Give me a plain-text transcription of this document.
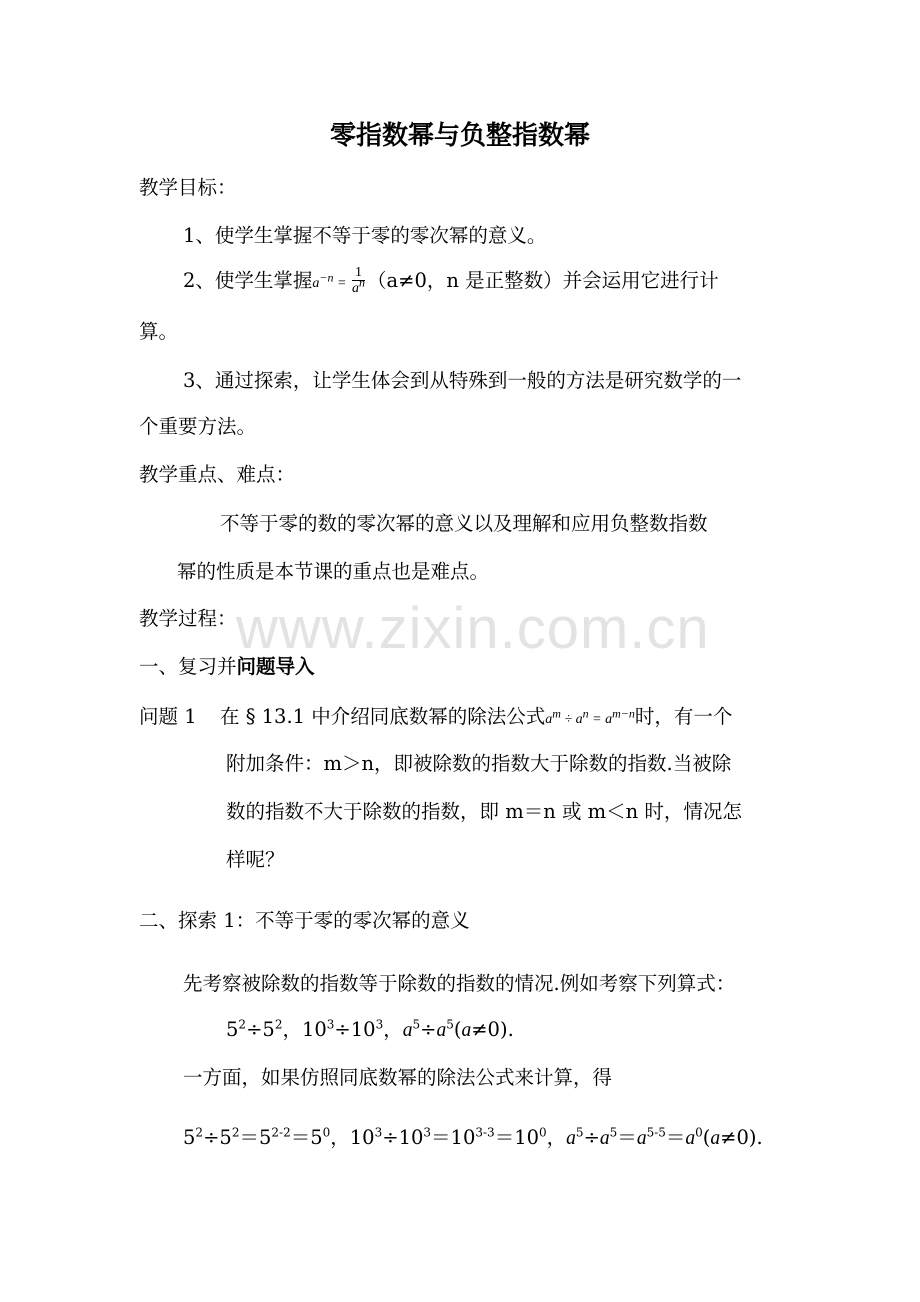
零指数幂与负整指数幂
教学目标：
1、使学生掌握不等于零的零次幂的意义。
2、使学生掌握$a^{-n} = \frac{1}{a^n} (a\ne 0$，n 是正整数）并会运用它进行计
算。
3、通过探索，让学生体会到从特殊到一般的方法是研究数学的一
个重要方法。
教学重点、难点：
不等于零的数的零次幂的意义以及理解和应用负整数指数
幂的性质是本节课的重点也是难点。
教学过程： www.zixin.com.cn
一、复习并问题导入
问题 1 在 § 13.1 中介绍同底数幂的除法公式$a^m \div a^n = a^{m-n}$时，有一个
附加条件：m＞n，即被除数的指数大于除数的指数.当被除
数的指数不大于除数的指数，即 m＝n 或 m＜n 时，情况怎
样呢？
二、探索 1：不等于零的零次幂的意义
先考察被除数的指数等于除数的指数的情况.例如考察下列算式：
$5^2\div 5^2$，$10^3\div 10^3$，$a^5\div a^5(a\ne 0)$.
一方面，如果仿照同底数幂的除法公式来计算，得
$5^2\div 5^2=5^{2-2}=5^0$，$10^3\div 10^3=10^{3-3}=10^0$，$a^5\div a^5=a^{5-5}=a^0(a\ne 0)$.
